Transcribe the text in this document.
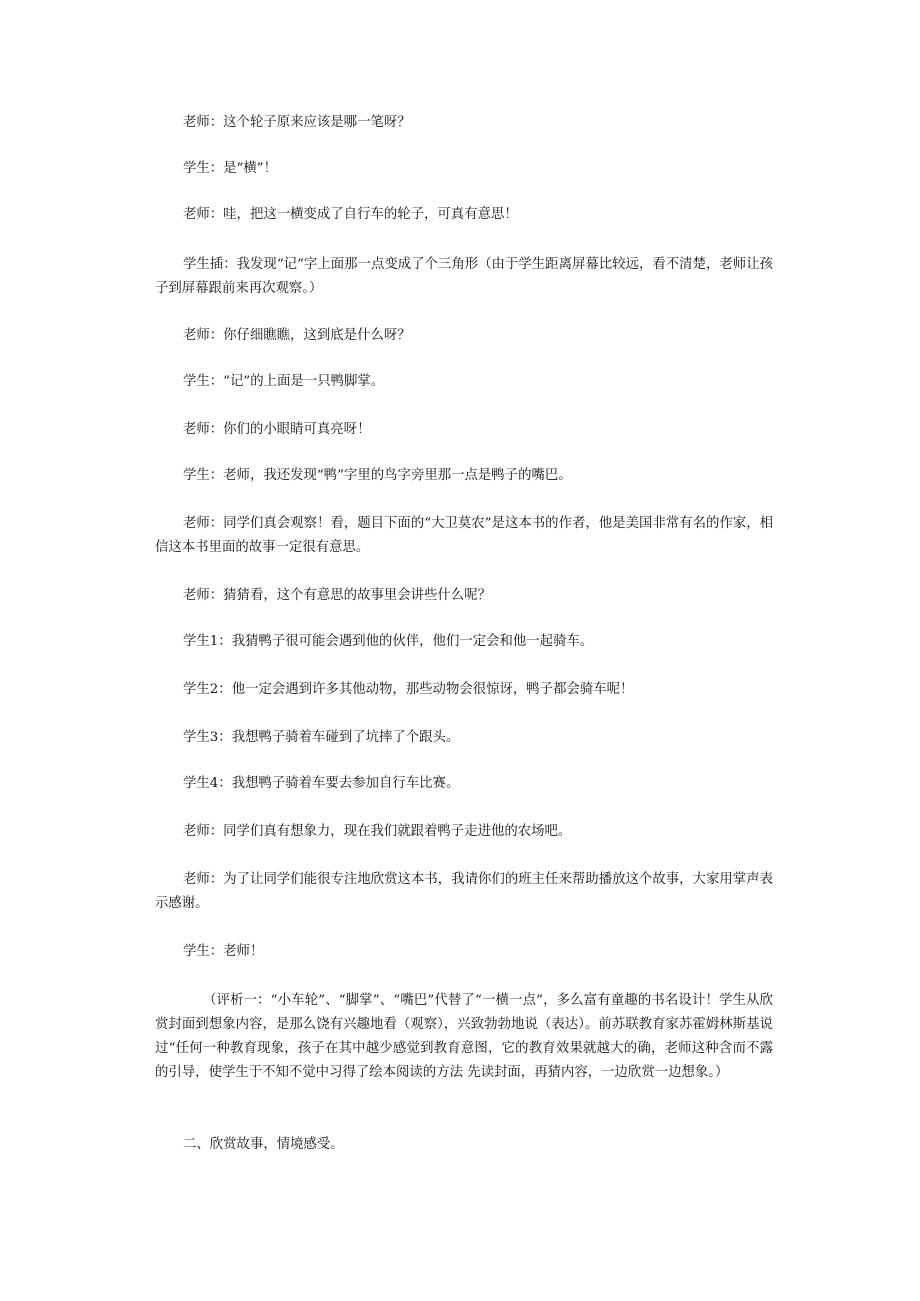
老师：这个轮子原来应该是哪一笔呀？

学生：是“横”！

老师：哇，把这一横变成了自行车的轮子，可真有意思！

学生插：我发现“记”字上面那一点变成了个三角形（由于学生距离屏幕比较远，看不清楚，老师让孩子到屏幕跟前来再次观察。）

老师：你仔细瞧瞧，这到底是什么呀？

学生：“记”的上面是一只鸭脚掌。

老师：你们的小眼睛可真亮呀！

学生：老师，我还发现“鸭”字里的鸟字旁里那一点是鸭子的嘴巴。

老师：同学们真会观察！看，题目下面的“大卫莫农”是这本书的作者，他是美国非常有名的作家，相信这本书里面的故事一定很有意思。

老师：猜猜看，这个有意思的故事里会讲些什么呢？

学生1：我猜鸭子很可能会遇到他的伙伴，他们一定会和他一起骑车。

学生2：他一定会遇到许多其他动物，那些动物会很惊讶，鸭子都会骑车呢！

学生3：我想鸭子骑着车碰到了坑摔了个跟头。

学生4：我想鸭子骑着车要去参加自行车比赛。

老师：同学们真有想象力，现在我们就跟着鸭子走进他的农场吧。

老师：为了让同学们能很专注地欣赏这本书，我请你们的班主任来帮助播放这个故事，大家用掌声表示感谢。

学生：老师！

（评析一：“小车轮”、“脚掌”、“嘴巴”代替了“一横一点”，多么富有童趣的书名设计！学生从欣赏封面到想象内容，是那么饶有兴趣地看（观察），兴致勃勃地说（表达）。前苏联教育家苏霍姆林斯基说过“任何一种教育现象，孩子在其中越少感觉到教育意图，它的教育效果就越大的确，老师这种含而不露的引导，使学生于不知不觉中习得了绘本阅读的方法 先读封面，再猜内容，一边欣赏一边想象。）

二、欣赏故事，情境感受。
